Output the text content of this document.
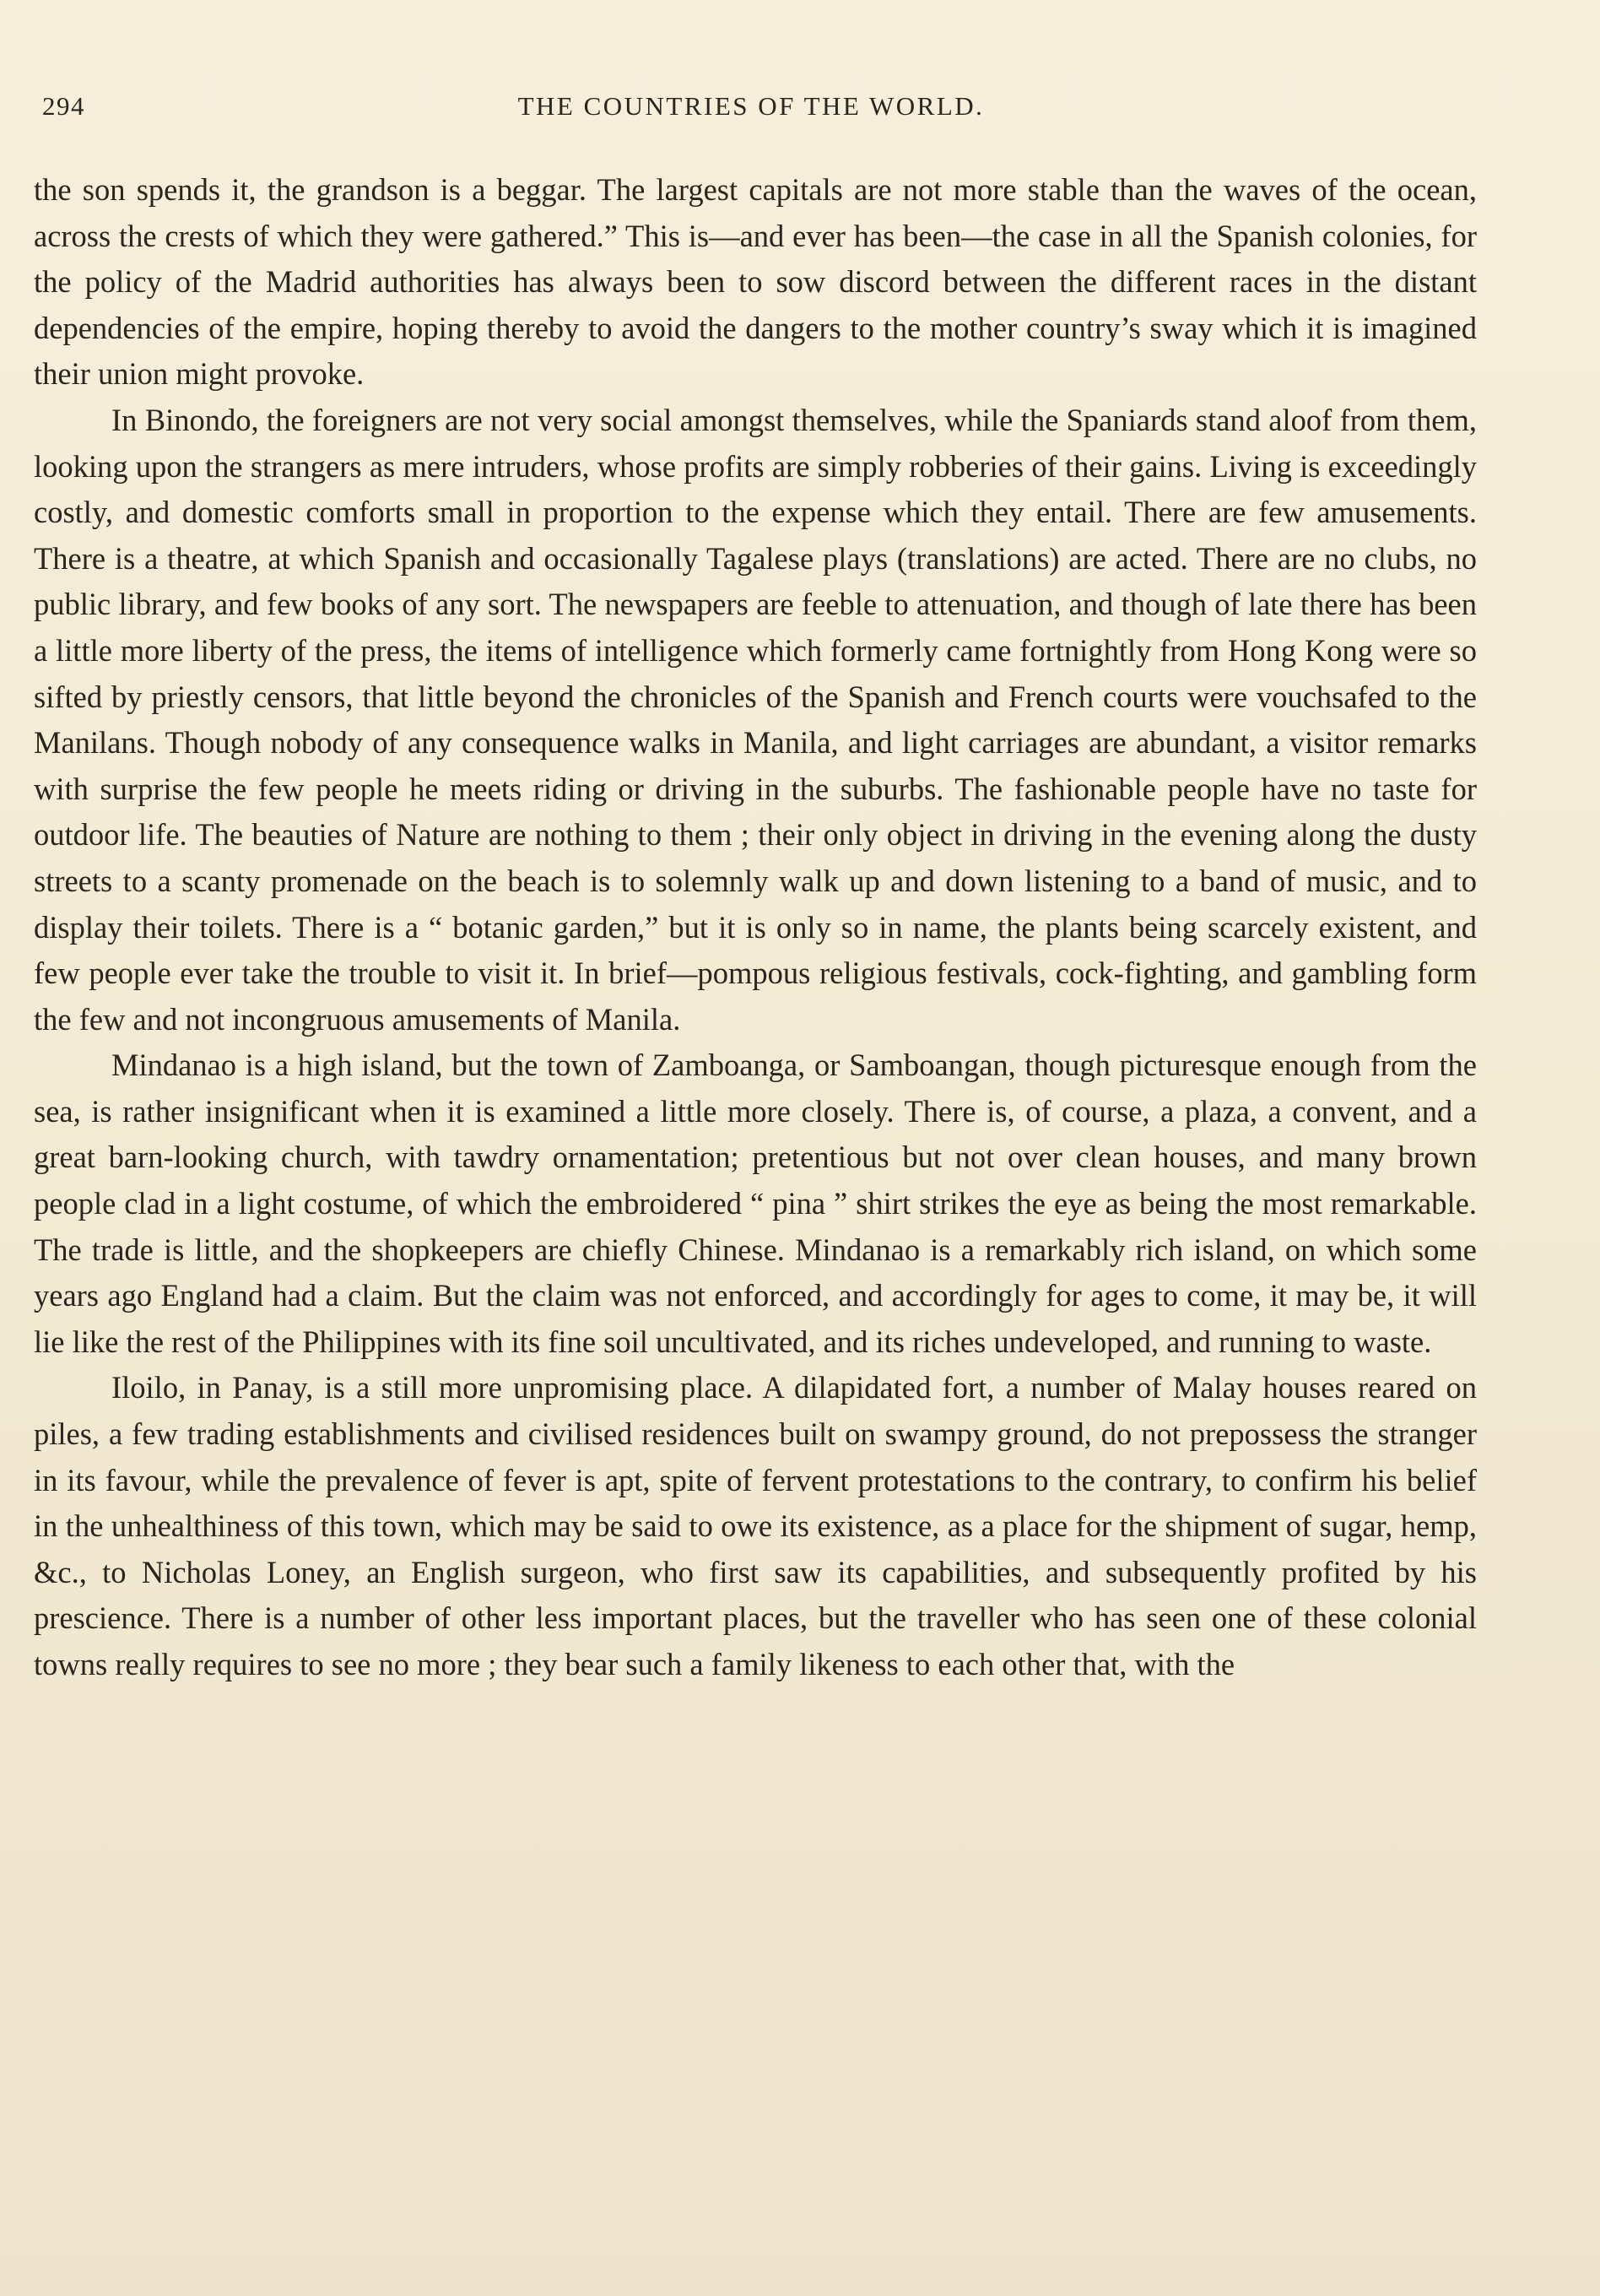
294	THE COUNTRIES OF THE WORLD.

the son spends it, the grandson is a beggar. The largest capitals are not more stable than the waves of the ocean, across the crests of which they were gathered.” This is—and ever has been—the case in all the Spanish colonies, for the policy of the Madrid authorities has always been to sow discord between the different races in the distant dependencies of the empire, hoping thereby to avoid the dangers to the mother country’s sway which it is imagined their union might provoke.

In Binondo, the foreigners are not very social amongst themselves, while the Spaniards stand aloof from them, looking upon the strangers as mere intruders, whose profits are simply robberies of their gains. Living is exceedingly costly, and domestic comforts small in proportion to the expense which they entail. There are few amusements. There is a theatre, at which Spanish and occasionally Tagalese plays (translations) are acted. There are no clubs, no public library, and few books of any sort. The newspapers are feeble to attenuation, and though of late there has been a little more liberty of the press, the items of intelligence which formerly came fortnightly from Hong Kong were so sifted by priestly censors, that little beyond the chronicles of the Spanish and French courts were vouchsafed to the Manilans. Though nobody of any consequence walks in Manila, and light carriages are abundant, a visitor remarks with surprise the few people he meets riding or driving in the suburbs. The fashionable people have no taste for outdoor life. The beauties of Nature are nothing to them ; their only object in driving in the evening along the dusty streets to a scanty promenade on the beach is to solemnly walk up and down listening to a band of music, and to display their toilets. There is a “ botanic garden,” but it is only so in name, the plants being scarcely existent, and few people ever take the trouble to visit it. In brief—pompous religious festivals, cock-fighting, and gambling form the few and not incongruous amusements of Manila.

Mindanao is a high island, but the town of Zamboanga, or Samboangan, though picturesque enough from the sea, is rather insignificant when it is examined a little more closely. There is, of course, a plaza, a convent, and a great barn-looking church, with tawdry ornamentation; pretentious but not over clean houses, and many brown people clad in a light costume, of which the embroidered “ pina ” shirt strikes the eye as being the most remarkable. The trade is little, and the shopkeepers are chiefly Chinese. Mindanao is a remarkably rich island, on which some years ago England had a claim. But the claim was not enforced, and accordingly for ages to come, it may be, it will lie like the rest of the Philippines with its fine soil uncultivated, and its riches undeveloped, and running to waste.

Iloilo, in Panay, is a still more unpromising place. A dilapidated fort, a number of Malay houses reared on piles, a few trading establishments and civilised residences built on swampy ground, do not prepossess the stranger in its favour, while the prevalence of fever is apt, spite of fervent protestations to the contrary, to confirm his belief in the unhealthiness of this town, which may be said to owe its existence, as a place for the shipment of sugar, hemp, &c., to Nicholas Loney, an English surgeon, who first saw its capabilities, and subsequently profited by his prescience. There is a number of other less important places, but the traveller who has seen one of these colonial towns really requires to see no more ; they bear such a family likeness to each other that, with the
